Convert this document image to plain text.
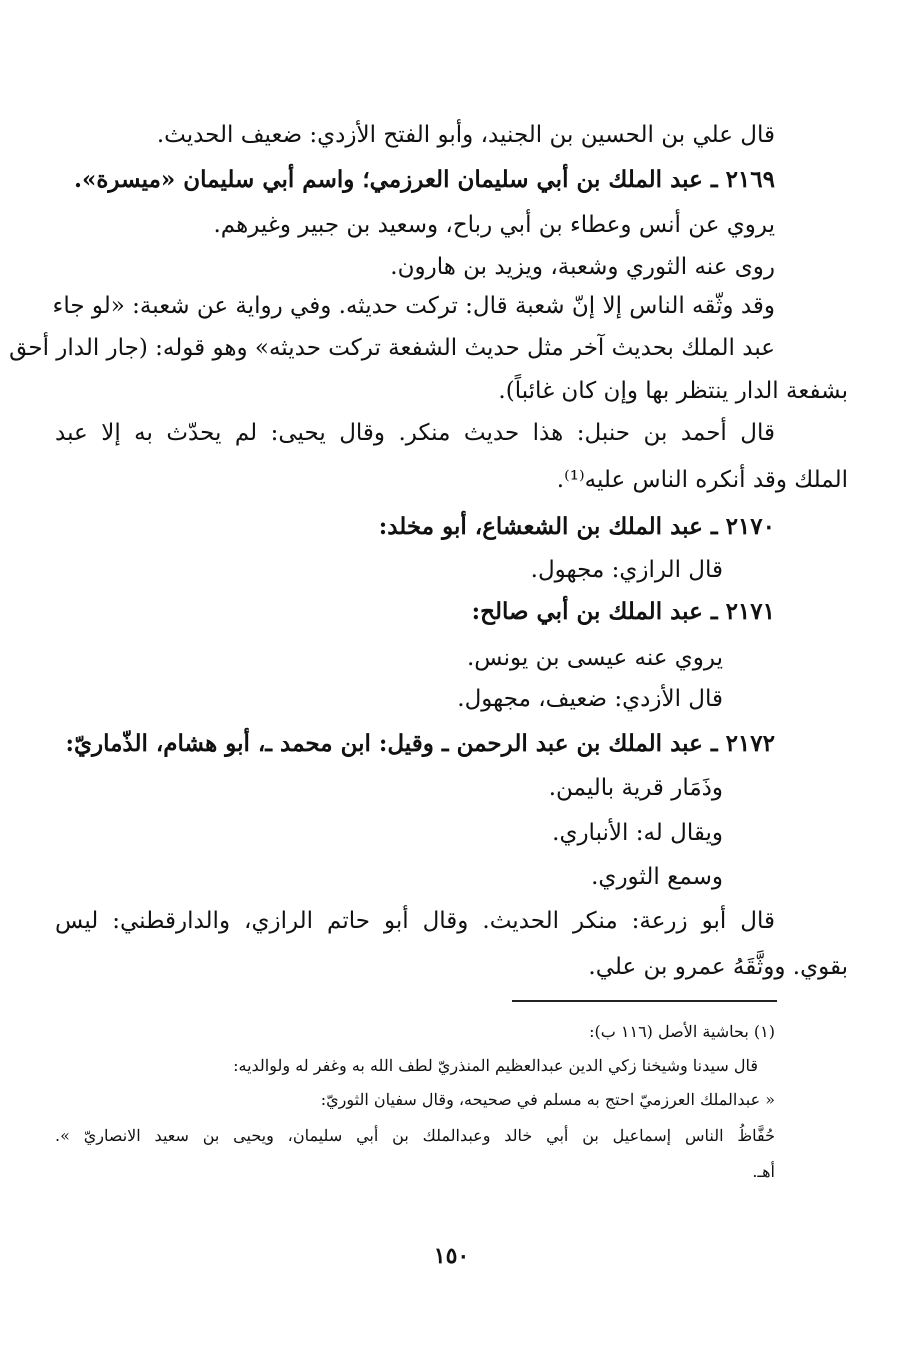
قال علي بن الحسين بن الجنيد، وأبو الفتح الأزدي: ضعيف الحديث.
٢١٦٩ ـ عبد الملك بن أبي سليمان العرزمي؛ واسم أبي سليمان «ميسرة».
يروي عن أنس وعطاء بن أبي رباح، وسعيد بن جبير وغيرهم.
روى عنه الثوري وشعبة، ويزيد بن هارون.
وقد وثّقه الناس إلا إنّ شعبة قال: تركت حديثه. وفي رواية عن شعبة: «لو جاء
عبد الملك بحديث آخر مثل حديث الشفعة تركت حديثه» وهو قوله: (جار الدار أحق
بشفعة الدار ينتظر بها وإن كان غائباً).
قال أحمد بن حنبل: هذا حديث منكر. وقال يحيى: لم يحدّث به إلا عبد
الملك وقد أنكره الناس عليه⁽¹⁾.
٢١٧٠ ـ عبد الملك بن الشعشاع، أبو مخلد:
قال الرازي: مجهول.
٢١٧١ ـ عبد الملك بن أبي صالح:
يروي عنه عيسى بن يونس.
قال الأزدي: ضعيف، مجهول.
٢١٧٢ ـ عبد الملك بن عبد الرحمن ـ وقيل: ابن محمد ـ، أبو هشام، الذّماريّ:
وذَمَار قرية باليمن.
ويقال له: الأنباري.
وسمع الثوري.
قال أبو زرعة: منكر الحديث. وقال أبو حاتم الرازي، والدارقطني: ليس
بقوي. ووثَّقَهُ عمرو بن علي.
(١) بحاشية الأصل (١١٦ ب):
قال سيدنا وشيخنا زكي الدين عبدالعظيم المنذريّ لطف الله به وغفر له ولوالديه:
« عبدالملك العرزميّ احتج به مسلم في صحيحه، وقال سفيان الثوريّ:
حُفَّاظُ الناس إسماعيل بن أبي خالد وعبدالملك بن أبي سليمان، ويحيى بن سعيد الانصاريّ ».
أهـ.
١٥٠
